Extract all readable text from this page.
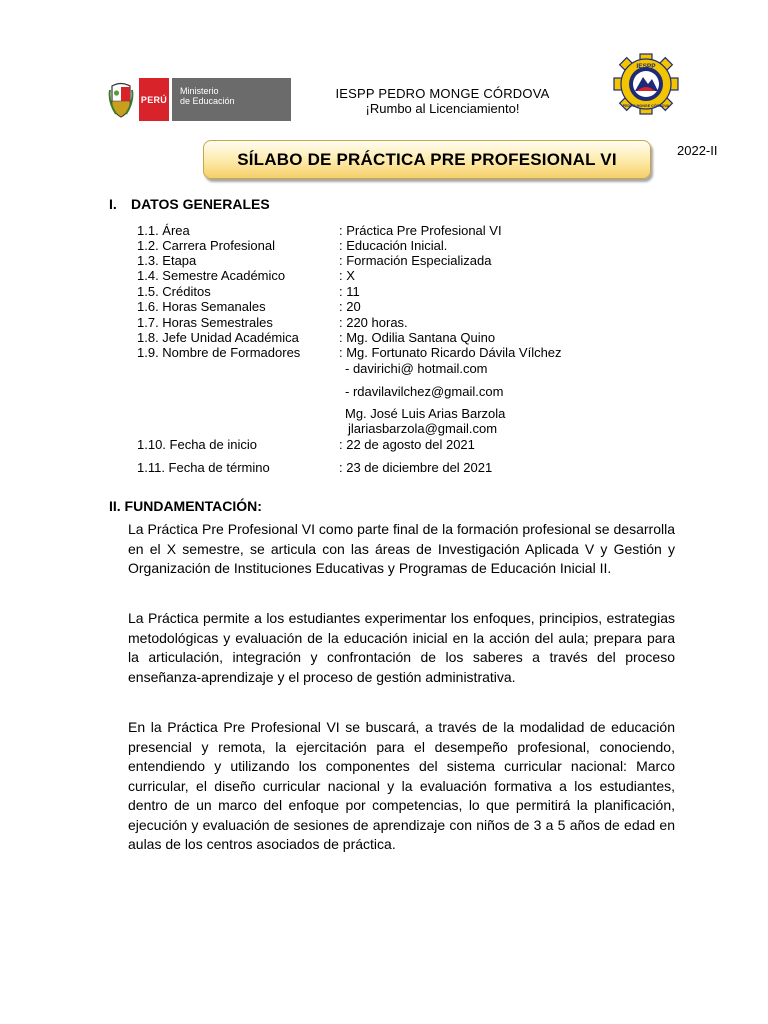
PERÚ
Ministerio
de Educación	IESPP PEDRO MONGE CÓRDOVA
¡Rumbo al Licenciamiento!
IESPP
PEDRO MONGE CÓRDOVA
SÍLABO DE PRÁCTICA PRE PROFESIONAL VI	2022-II
I. DATOS GENERALES
1.1. Área	: Práctica Pre Profesional VI
1.2. Carrera Profesional	: Educación Inicial.
1.3. Etapa	: Formación Especializada
1.4. Semestre Académico	: X
1.5. Créditos	: 11
1.6. Horas Semanales	: 20
1.7. Horas Semestrales	: 220 horas.
1.8. Jefe Unidad Académica	: Mg. Odilia Santana Quino
1.9. Nombre de Formadores	: Mg. Fortunato Ricardo Dávila Vílchez
- davirichi@ hotmail.com
- rdavilavilchez@gmail.com
Mg. José Luis Arias Barzola
jlariasbarzola@gmail.com
1.10. Fecha de inicio	: 22 de agosto del 2021
1.11. Fecha de término	: 23 de diciembre del 2021
II. FUNDAMENTACIÓN:
La Práctica Pre Profesional VI como parte final de la formación profesional se desarrolla en el X semestre, se articula con las áreas de Investigación Aplicada V y Gestión y Organización de Instituciones Educativas y Programas de Educación Inicial II.
La Práctica permite a los estudiantes experimentar los enfoques, principios, estrategias metodológicas y evaluación de la educación inicial en la acción del aula; prepara para la articulación, integración y confrontación de los saberes a través del proceso enseñanza-aprendizaje y el proceso de gestión administrativa.
En la Práctica Pre Profesional VI se buscará, a través de la modalidad de educación presencial y remota, la ejercitación para el desempeño profesional, conociendo, entendiendo y utilizando los componentes del sistema curricular nacional: Marco curricular, el diseño curricular nacional y la evaluación formativa a los estudiantes, dentro de un marco del enfoque por competencias, lo que permitirá la planificación, ejecución y evaluación de sesiones de aprendizaje con niños de 3 a 5 años de edad en aulas de los centros asociados de práctica.
